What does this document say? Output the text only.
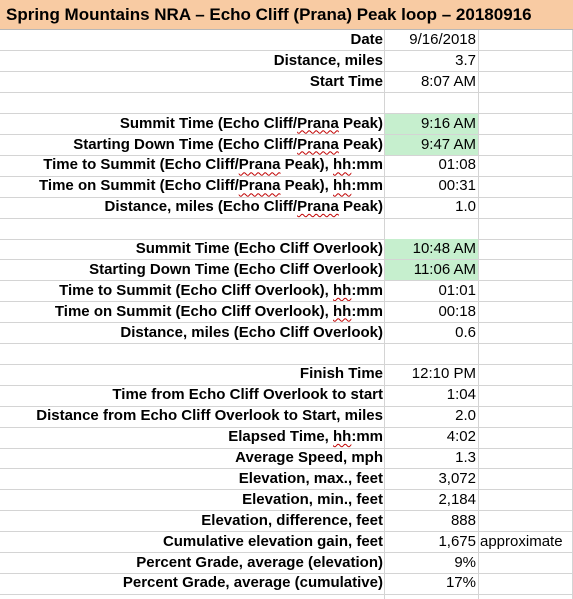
Spring Mountains NRA – Echo Cliff (Prana) Peak loop – 20180916
Date	9/16/2018
Distance, miles	3.7
Start Time	8:07 AM
Summit Time (Echo Cliff/Prana Peak)	9:16 AM
Starting Down Time (Echo Cliff/Prana Peak)	9:47 AM
Time to Summit (Echo Cliff/Prana Peak), hh:mm	01:08
Time on Summit (Echo Cliff/Prana Peak), hh:mm	00:31
Distance, miles (Echo Cliff/Prana Peak)	1.0
Summit Time (Echo Cliff Overlook)	10:48 AM
Starting Down Time (Echo Cliff Overlook)	11:06 AM
Time to Summit (Echo Cliff Overlook), hh:mm	01:01
Time on Summit (Echo Cliff Overlook), hh:mm	00:18
Distance, miles (Echo Cliff Overlook)	0.6
Finish Time	12:10 PM
Time from Echo Cliff Overlook to start	1:04
Distance from Echo Cliff Overlook to Start, miles	2.0
Elapsed Time, hh:mm	4:02
Average Speed, mph	1.3
Elevation, max., feet	3,072
Elevation, min., feet	2,184
Elevation, difference, feet	888
Cumulative elevation gain, feet	1,675 approximate
Percent Grade, average (elevation)	9%
Percent Grade, average (cumulative)	17%
